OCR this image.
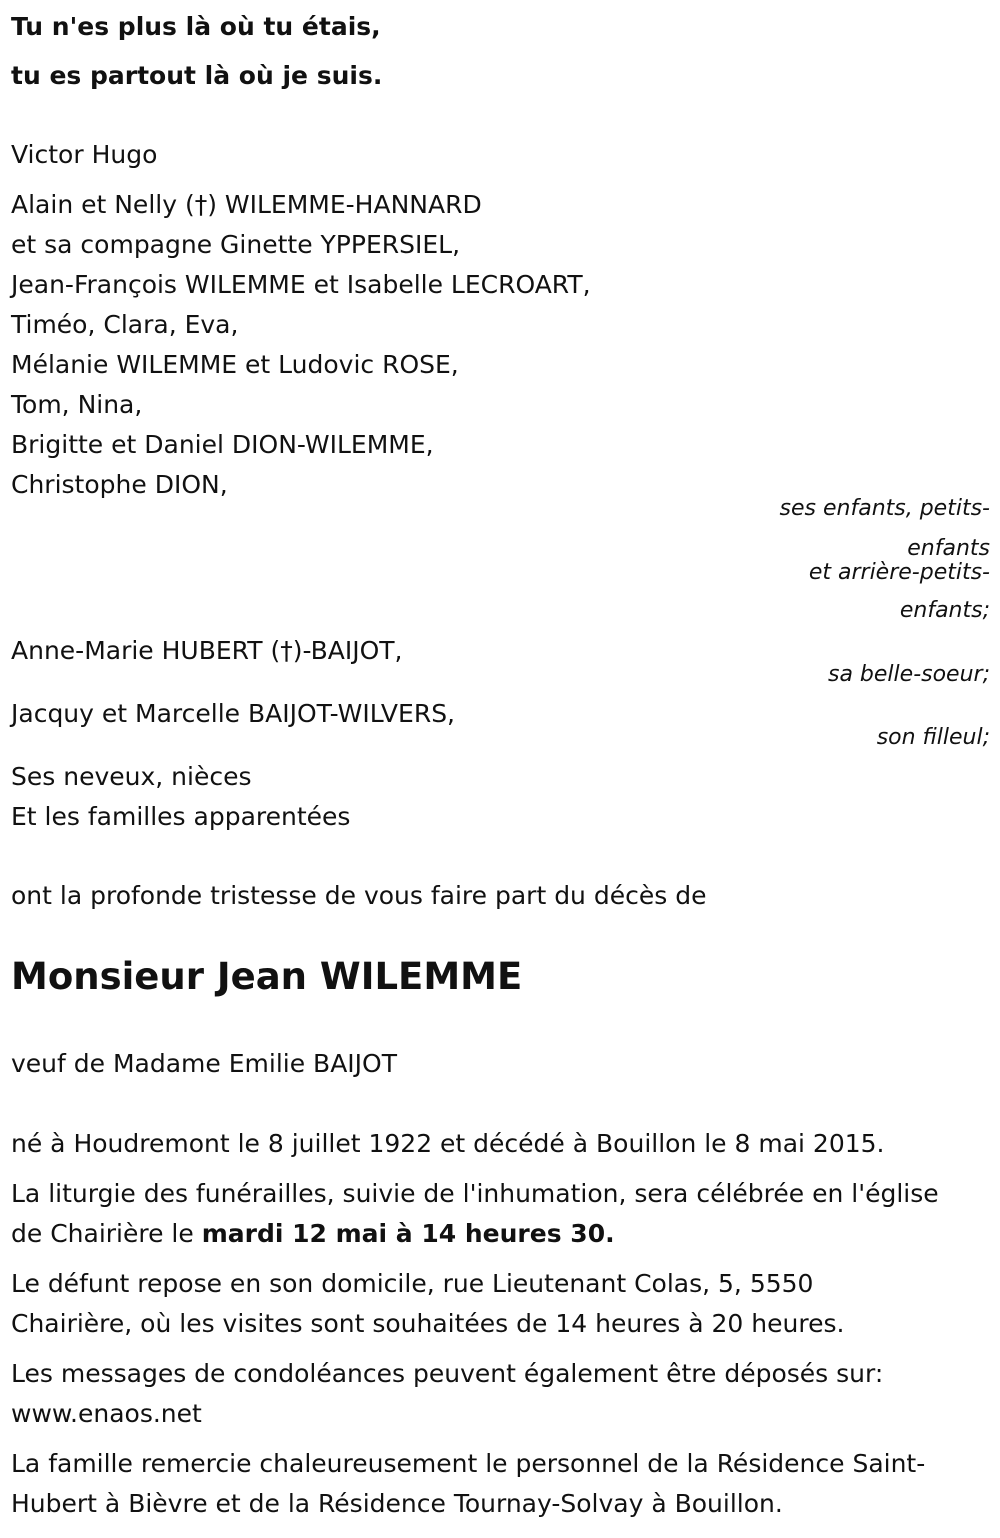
Tu n'es plus là où tu étais,

tu es partout là où je suis.

Victor Hugo

Alain et Nelly (†) WILEMME-HANNARD

et sa compagne Ginette YPPERSIEL,

Jean-François WILEMME et Isabelle LECROART,

Timéo, Clara, Eva,

Mélanie WILEMME et Ludovic ROSE,

Tom, Nina,

Brigitte et Daniel DION-WILEMME,

Christophe DION,

ses enfants, petits-
enfants
et arrière-petits-
enfants;

Anne-Marie HUBERT (†)-BAIJOT,

sa belle-soeur;

Jacquy et Marcelle BAIJOT-WILVERS,

son filleul;

Ses neveux, nièces

Et les familles apparentées

ont la profonde tristesse de vous faire part du décès de

Monsieur Jean WILEMME

veuf de Madame Emilie BAIJOT

né à Houdremont le 8 juillet 1922 et décédé à Bouillon le 8 mai 2015.

La liturgie des funérailles, suivie de l'inhumation, sera célébrée en l'église

de Chairière le mardi 12 mai à 14 heures 30.

Le défunt repose en son domicile, rue Lieutenant Colas, 5, 5550

Chairière, où les visites sont souhaitées de 14 heures à 20 heures.

Les messages de condoléances peuvent également être déposés sur:

www.enaos.net

La famille remercie chaleureusement le personnel de la Résidence Saint-

Hubert à Bièvre et de la Résidence Tournay-Solvay à Bouillon.
